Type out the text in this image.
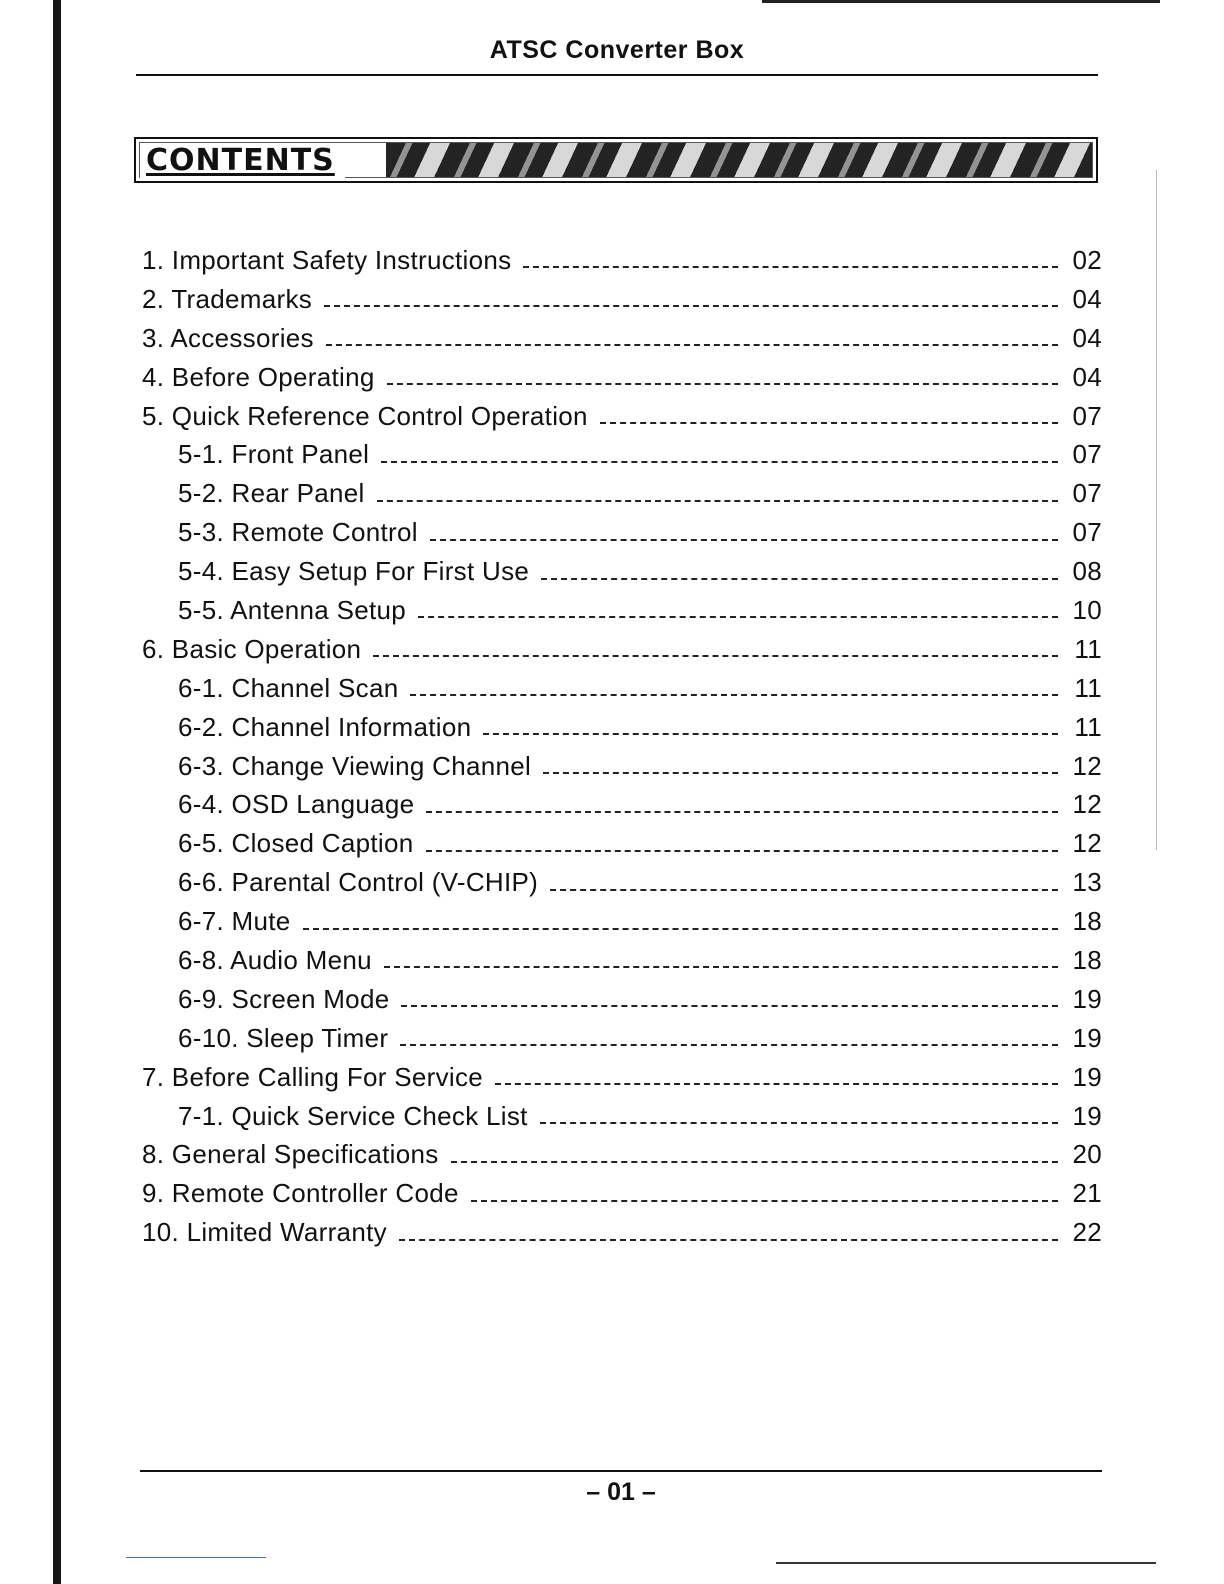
ATSC Converter Box
CONTENTS
1. Important Safety Instructions	02
2. Trademarks	04
3. Accessories	04
4. Before Operating	04
5. Quick Reference Control Operation	07
5-1. Front Panel	07
5-2. Rear Panel	07
5-3. Remote Control	07
5-4. Easy Setup For First Use	08
5-5. Antenna Setup	10
6. Basic Operation	11
6-1. Channel Scan	11
6-2. Channel Information	11
6-3. Change Viewing Channel	12
6-4. OSD Language	12
6-5. Closed Caption	12
6-6. Parental Control (V-CHIP)	13
6-7. Mute	18
6-8. Audio Menu	18
6-9. Screen Mode	19
6-10. Sleep Timer	19
7. Before Calling For Service	19
7-1. Quick Service Check List	19
8. General Specifications	20
9. Remote Controller Code	21
10. Limited Warranty	22
– 01 –
